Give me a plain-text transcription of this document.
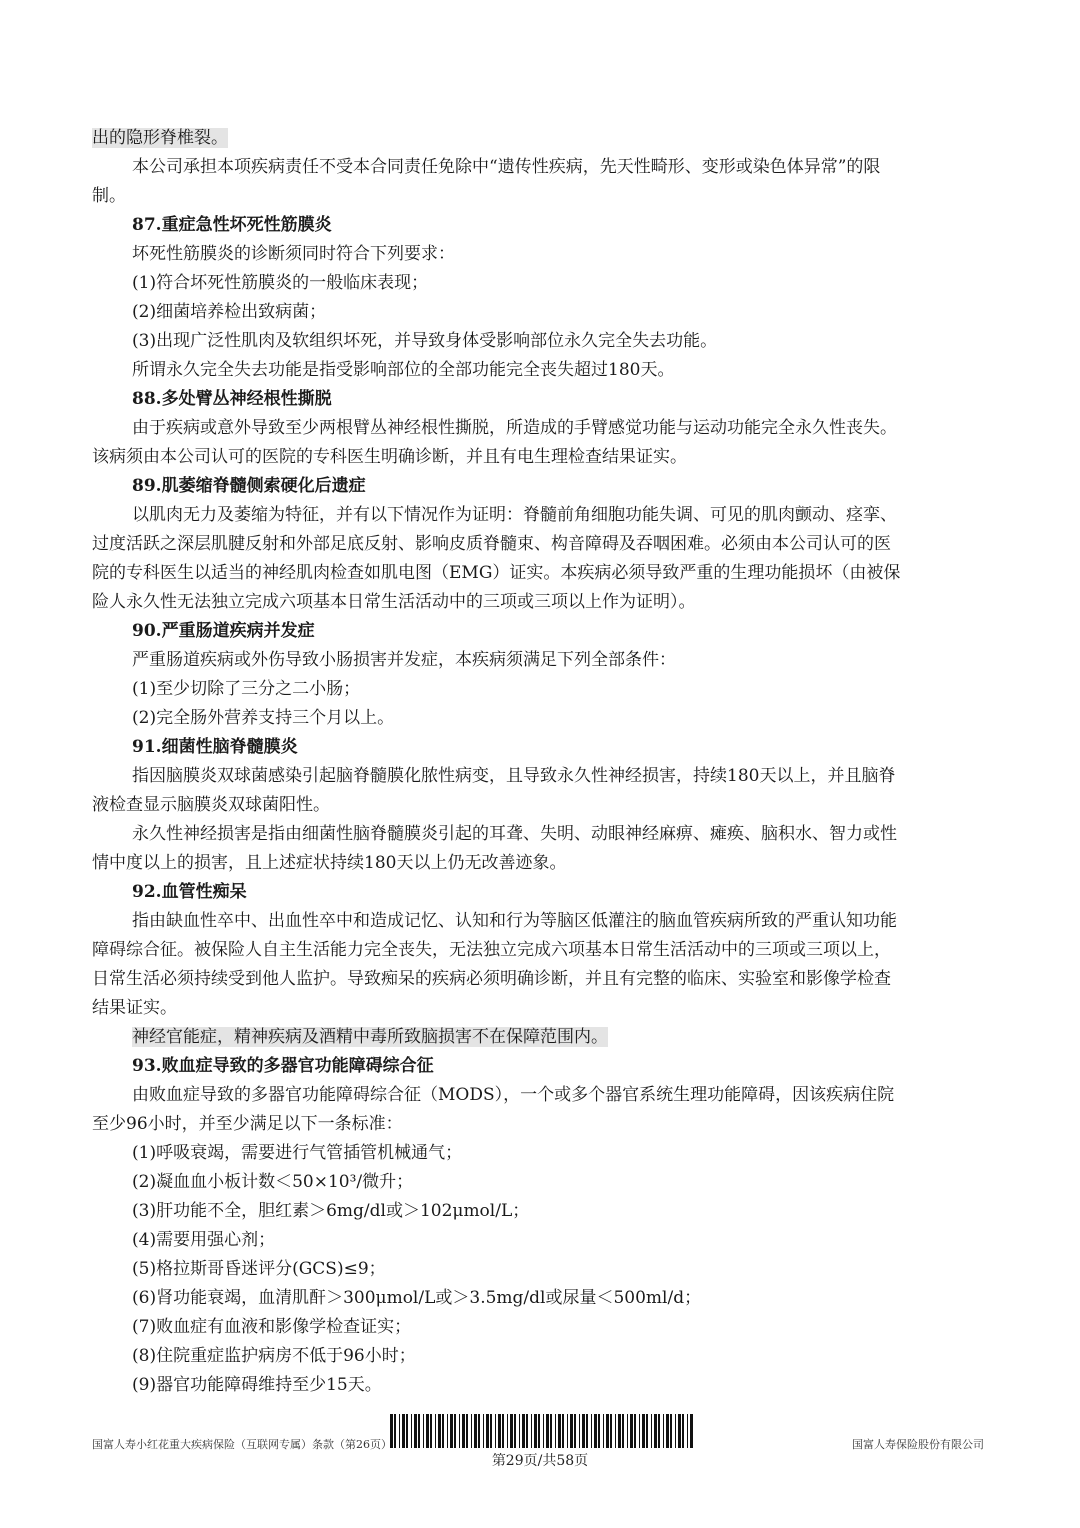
出的隐形脊椎裂。
本公司承担本项疾病责任不受本合同责任免除中“遗传性疾病，先天性畸形、变形或染色体异常”的限
制。
87.重症急性坏死性筋膜炎
坏死性筋膜炎的诊断须同时符合下列要求：
(1)符合坏死性筋膜炎的一般临床表现；
(2)细菌培养检出致病菌；
(3)出现广泛性肌肉及软组织坏死，并导致身体受影响部位永久完全失去功能。
所谓永久完全失去功能是指受影响部位的全部功能完全丧失超过180天。
88.多处臂丛神经根性撕脱
由于疾病或意外导致至少两根臂丛神经根性撕脱，所造成的手臂感觉功能与运动功能完全永久性丧失。
该病须由本公司认可的医院的专科医生明确诊断，并且有电生理检查结果证实。
89.肌萎缩脊髓侧索硬化后遗症
以肌肉无力及萎缩为特征，并有以下情况作为证明：脊髓前角细胞功能失调、可见的肌肉颤动、痉挛、
过度活跃之深层肌腱反射和外部足底反射、影响皮质脊髓束、构音障碍及吞咽困难。必须由本公司认可的医
院的专科医生以适当的神经肌肉检查如肌电图（EMG）证实。本疾病必须导致严重的生理功能损坏（由被保
险人永久性无法独立完成六项基本日常生活活动中的三项或三项以上作为证明）。
90.严重肠道疾病并发症
严重肠道疾病或外伤导致小肠损害并发症，本疾病须满足下列全部条件：
(1)至少切除了三分之二小肠；
(2)完全肠外营养支持三个月以上。
91.细菌性脑脊髓膜炎
指因脑膜炎双球菌感染引起脑脊髓膜化脓性病变，且导致永久性神经损害，持续180天以上，并且脑脊
液检查显示脑膜炎双球菌阳性。
永久性神经损害是指由细菌性脑脊髓膜炎引起的耳聋、失明、动眼神经麻痹、瘫痪、脑积水、智力或性
情中度以上的损害，且上述症状持续180天以上仍无改善迹象。
92.血管性痴呆
指由缺血性卒中、出血性卒中和造成记忆、认知和行为等脑区低灌注的脑血管疾病所致的严重认知功能
障碍综合征。被保险人自主生活能力完全丧失，无法独立完成六项基本日常生活活动中的三项或三项以上，
日常生活必须持续受到他人监护。导致痴呆的疾病必须明确诊断，并且有完整的临床、实验室和影像学检查
结果证实。
神经官能症，精神疾病及酒精中毒所致脑损害不在保障范围内。
93.败血症导致的多器官功能障碍综合征
由败血症导致的多器官功能障碍综合征（MODS），一个或多个器官系统生理功能障碍，因该疾病住院
至少96小时，并至少满足以下一条标准：
(1)呼吸衰竭，需要进行气管插管机械通气；
(2)凝血血小板计数＜50×10³/微升；
(3)肝功能不全，胆红素＞6mg/dl或＞102μmol/L；
(4)需要用强心剂；
(5)格拉斯哥昏迷评分(GCS)≤9；
(6)肾功能衰竭，血清肌酐＞300μmol/L或＞3.5mg/dl或尿量＜500ml/d；
(7)败血症有血液和影像学检查证实；
(8)住院重症监护病房不低于96小时；
(9)器官功能障碍维持至少15天。
国富人寿小红花重大疾病保险（互联网专属）条款（第26页）	国富人寿保险股份有限公司
第29页/共58页
